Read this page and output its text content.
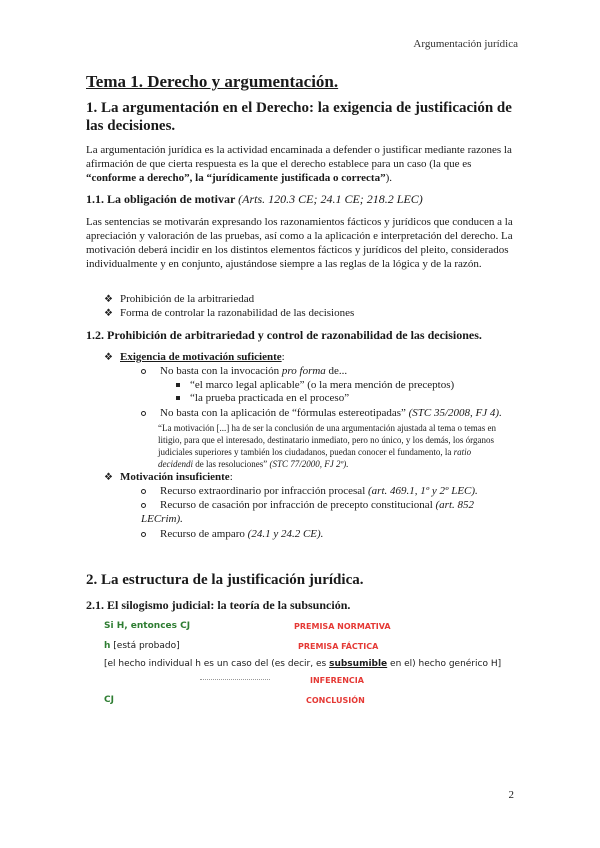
Argumentación jurídica
Tema 1. Derecho y argumentación.
1. La argumentación en el Derecho: la exigencia de justificación de las decisiones.
La argumentación jurídica es la actividad encaminada a defender o justificar mediante razones la afirmación de que cierta respuesta es la que el derecho establece para un caso (la que es “conforme a derecho”, la “jurídicamente justificada o correcta”).
1.1. La obligación de motivar (Arts. 120.3 CE; 24.1 CE; 218.2 LEC)
Las sentencias se motivarán expresando los razonamientos fácticos y jurídicos que conducen a la apreciación y valoración de las pruebas, así como a la aplicación e interpretación del derecho. La motivación deberá incidir en los distintos elementos fácticos y jurídicos del pleito, considerados individualmente y en conjunto, ajustándose siempre a las reglas de la lógica y de la razón.
❖ Prohibición de la arbitrariedad
❖ Forma de controlar la razonabilidad de las decisiones
1.2. Prohibición de arbitrariedad y control de razonabilidad de las decisiones.
❖ Exigencia de motivación suficiente:
No basta con la invocación pro forma de...
“el marco legal aplicable” (o la mera mención de preceptos)
“la prueba practicada en el proceso”
No basta con la aplicación de “fórmulas estereotipadas” (STC 35/2008, FJ 4).
“La motivación [...] ha de ser la conclusión de una argumentación ajustada al tema o temas en litigio, para que el interesado, destinatario inmediato, pero no único, y los demás, los órganos judiciales superiores y también los ciudadanos, puedan conocer el fundamento, la ratio decidendi de las resoluciones” (STC 77/2000, FJ 2º).
❖ Motivación insuficiente:
Recurso extraordinario por infracción procesal (art. 469.1, 1º y 2º LEC).
Recurso de casación por infracción de precepto constitucional (art. 852 LECrim).
Recurso de amparo (24.1 y 24.2 CE).
2. La estructura de la justificación jurídica.
2.1. El silogismo judicial: la teoría de la subsunción.
Si H, entonces CJ	PREMISA NORMATIVA
h [está probado]	PREMISA FÁCTICA
[el hecho individual h es un caso del (es decir, es subsumible en el) hecho genérico H]
INFERENCIA
CJ	CONCLUSIÓN
2
